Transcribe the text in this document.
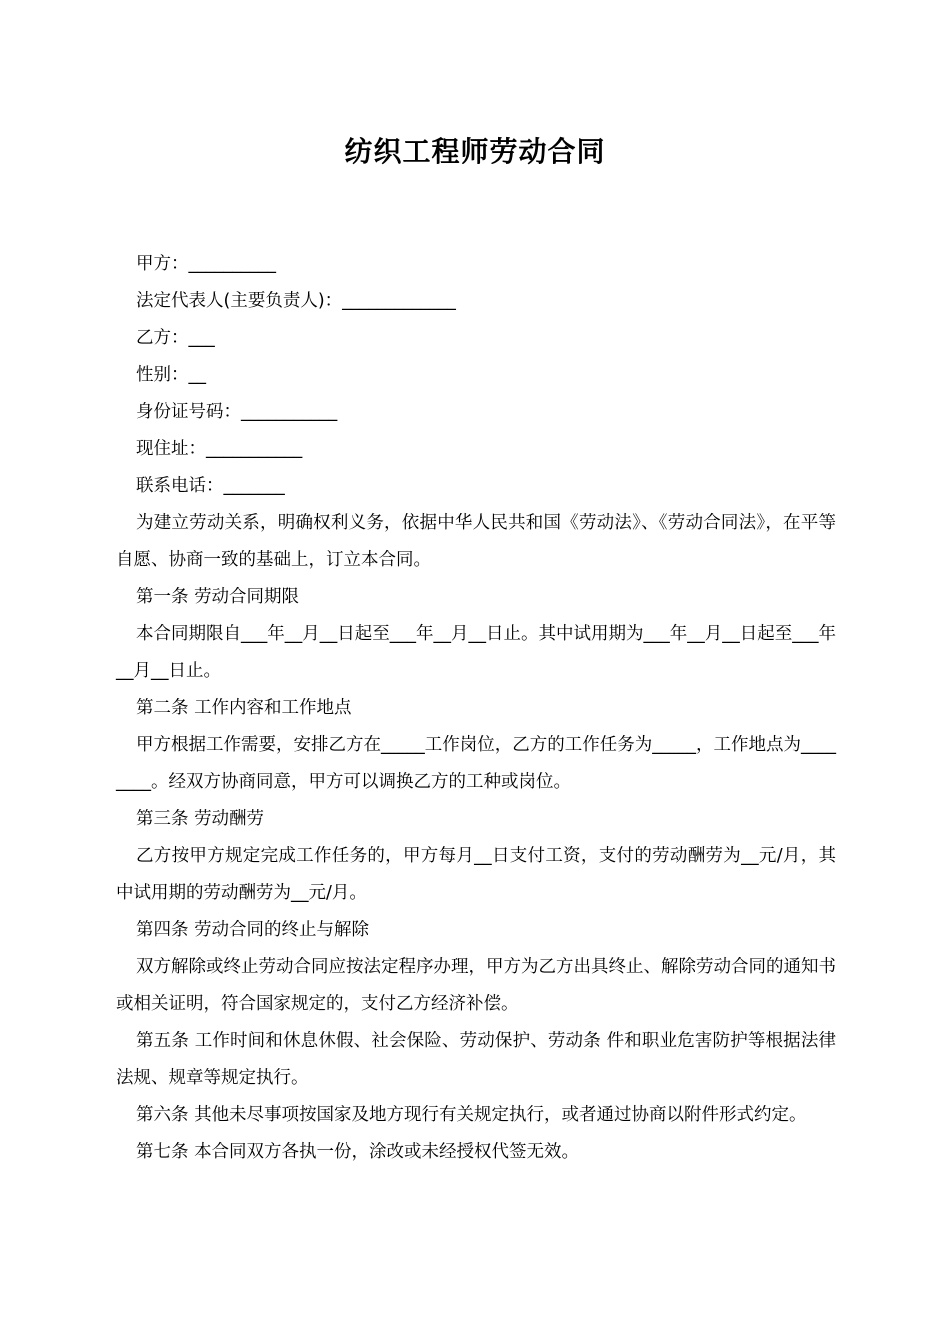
纺织工程师劳动合同

甲方：__________

法定代表人(主要负责人)：_____________

乙方：___

性别：__

身份证号码：___________

现住址：___________

联系电话：_______

为建立劳动关系，明确权利义务，依据中华人民共和国《劳动法》、《劳动合同法》，在平等自愿、协商一致的基础上，订立本合同。

第一条 劳动合同期限

本合同期限自___年__月__日起至___年__月__日止。其中试用期为___年__月__日起至___年__月__日止。

第二条 工作内容和工作地点

甲方根据工作需要，安排乙方在_____工作岗位，乙方的工作任务为_____，工作地点为________。经双方协商同意，甲方可以调换乙方的工种或岗位。

第三条 劳动酬劳

乙方按甲方规定完成工作任务的，甲方每月__日支付工资，支付的劳动酬劳为__元/月，其中试用期的劳动酬劳为__元/月。

第四条 劳动合同的终止与解除

双方解除或终止劳动合同应按法定程序办理，甲方为乙方出具终止、解除劳动合同的通知书或相关证明，符合国家规定的，支付乙方经济补偿。

第五条 工作时间和休息休假、社会保险、劳动保护、劳动条 件和职业危害防护等根据法律法规、规章等规定执行。

第六条 其他未尽事项按国家及地方现行有关规定执行，或者通过协商以附件形式约定。

第七条 本合同双方各执一份，涂改或未经授权代签无效。
